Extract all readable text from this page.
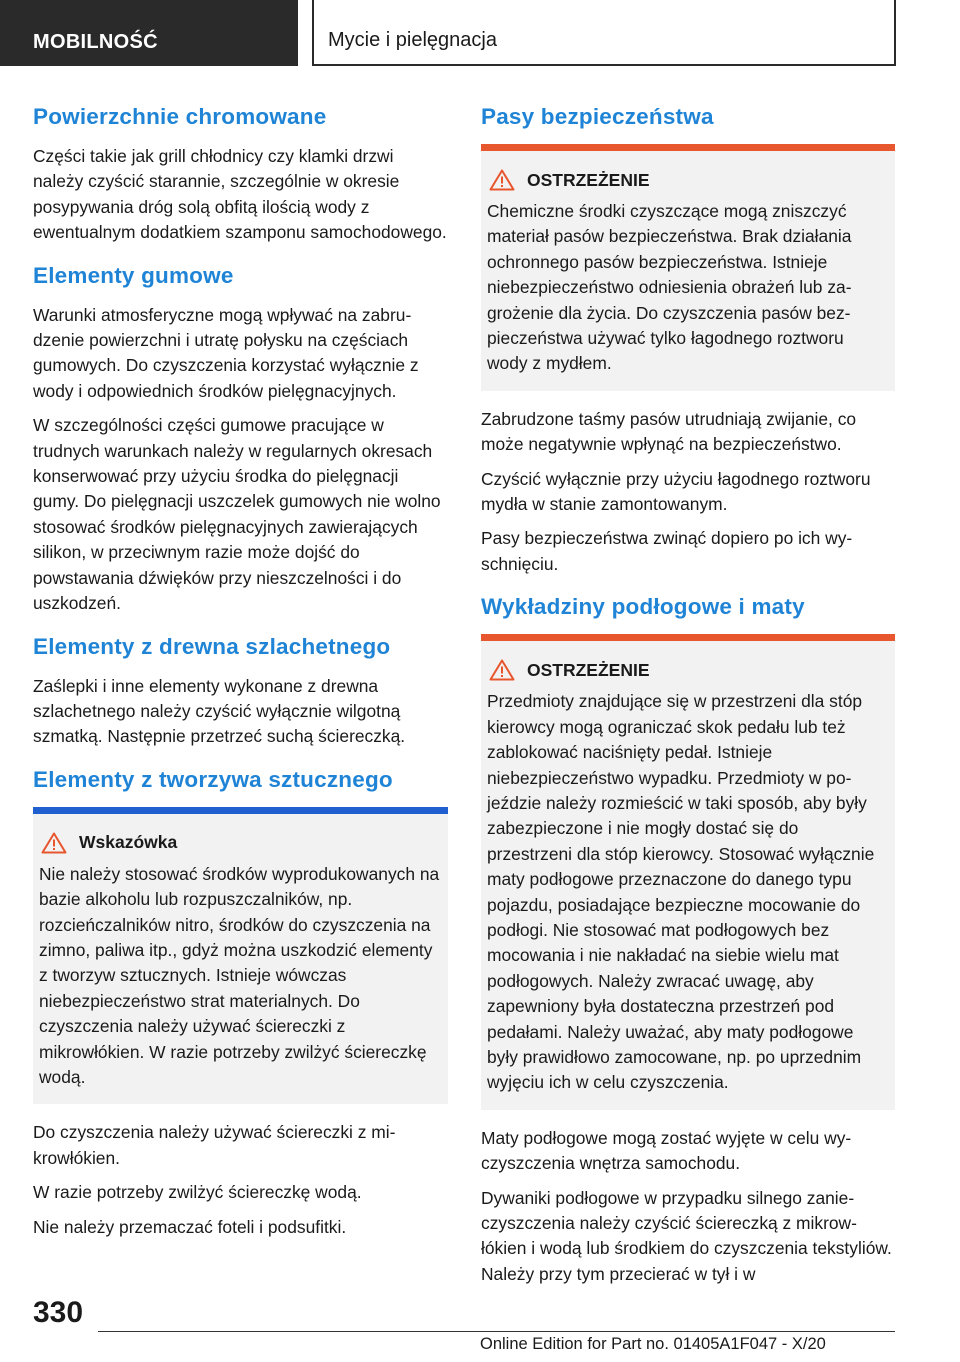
MOBILNOŚĆ	Mycie i pielęgnacja
Powierzchnie chromowane

Części takie jak grill chłodnicy czy klamki drzwi należy czyścić starannie, szczególnie w okresie posypywania dróg solą obfitą ilością wody z ewentualnym dodatkiem szamponu samochodowego.

Elementy gumowe

Warunki atmosferyczne mogą wpływać na zabrudzenie powierzchni i utratę połysku na częściach gumowych. Do czyszczenia korzystać wyłącznie z wody i odpowiednich środków pielęgnacyjnych.

W szczególności części gumowe pracujące w trudnych warunkach należy w regularnych okresach konserwować przy użyciu środka do pielęgnacji gumy. Do pielęgnacji uszczelek gumowych nie wolno stosować środków pielęgnacyjnych zawierających silikon, w przeciwnym razie może dojść do powstawania dźwięków przy nieszczelności i do uszkodzeń.

Elementy z drewna szlachetnego

Zaślepki i inne elementy wykonane z drewna szlachetnego należy czyścić wyłącznie wilgotną szmatką. Następnie przetrzeć suchą ściereczką.

Elementy z tworzywa sztucznego
Wskazówka

Nie należy stosować środków wyprodukowanych na bazie alkoholu lub rozpuszczalników, np. rozcieńczalników nitro, środków do czyszczenia na zimno, paliwa itp., gdyż można uszkodzić elementy z tworzyw sztucznych. Istnieje wówczas niebezpieczeństwo strat materialnych. Do czyszczenia należy używać ściereczki z mikrowłókien. W razie potrzeby zwilżyć ściereczkę wodą.

Do czyszczenia należy używać ściereczki z mikrowłókien.

W razie potrzeby zwilżyć ściereczkę wodą.

Nie należy przemaczać foteli i podsufitki.

Pasy bezpieczeństwa
OSTRZEŻENIE

Chemiczne środki czyszczące mogą zniszczyć materiał pasów bezpieczeństwa. Brak działania ochronnego pasów bezpieczeństwa. Istnieje niebezpieczeństwo odniesienia obrażeń lub zagrożenie dla życia. Do czyszczenia pasów bezpieczeństwa używać tylko łagodnego roztworu wody z mydłem.

Zabrudzone taśmy pasów utrudniają zwijanie, co może negatywnie wpłynąć na bezpieczeństwo.

Czyścić wyłącznie przy użyciu łagodnego roztworu mydła w stanie zamontowanym.

Pasy bezpieczeństwa zwinąć dopiero po ich wyschnięciu.

Wykładziny podłogowe i maty
OSTRZEŻENIE

Przedmioty znajdujące się w przestrzeni dla stóp kierowcy mogą ograniczać skok pedału lub też zablokować naciśnięty pedał. Istnieje niebezpieczeństwo wypadku. Przedmioty w pojeździe należy rozmieścić w taki sposób, aby były zabezpieczone i nie mogły dostać się do przestrzeni dla stóp kierowcy. Stosować wyłącznie maty podłogowe przeznaczone do danego typu pojazdu, posiadające bezpieczne mocowanie do podłogi. Nie stosować mat podłogowych bez mocowania i nie nakładać na siebie wielu mat podłogowych. Należy zwracać uwagę, aby zapewniony była dostateczna przestrzeń pod pedałami. Należy uważać, aby maty podłogowe były prawidłowo zamocowane, np. po uprzednim wyjęciu ich w celu czyszczenia.

Maty podłogowe mogą zostać wyjęte w celu wyczyszczenia wnętrza samochodu.

Dywaniki podłogowe w przypadku silnego zanieczyszczenia należy czyścić ściereczką z mikrowłókien i wodą lub środkiem do czyszczenia tekstyliów. Należy przy tym przecierać w tył i w

330
Online Edition for Part no. 01405A1F047 - X/20
